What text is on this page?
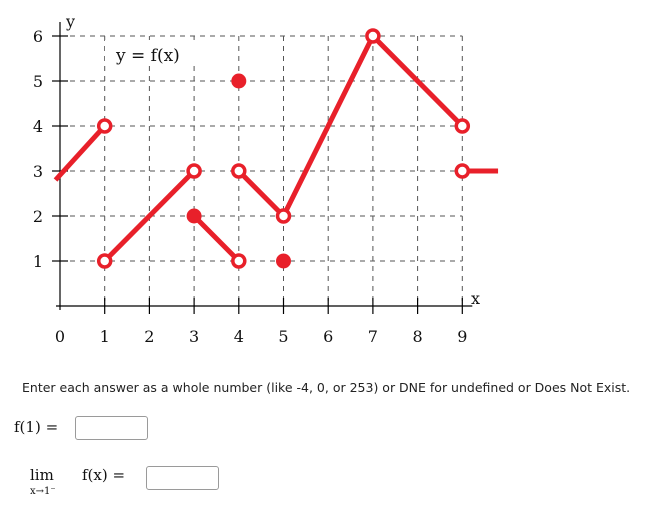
1
2
3
4
5
6
0 1 2 3 4 5 6 7 8 9
y = f(x)
y
x
Enter each answer as a whole number (like -4, 0, or 253) or DNE for undefined or Does Not Exist.
f(1) =
lim
x→1⁻
f(x) =
